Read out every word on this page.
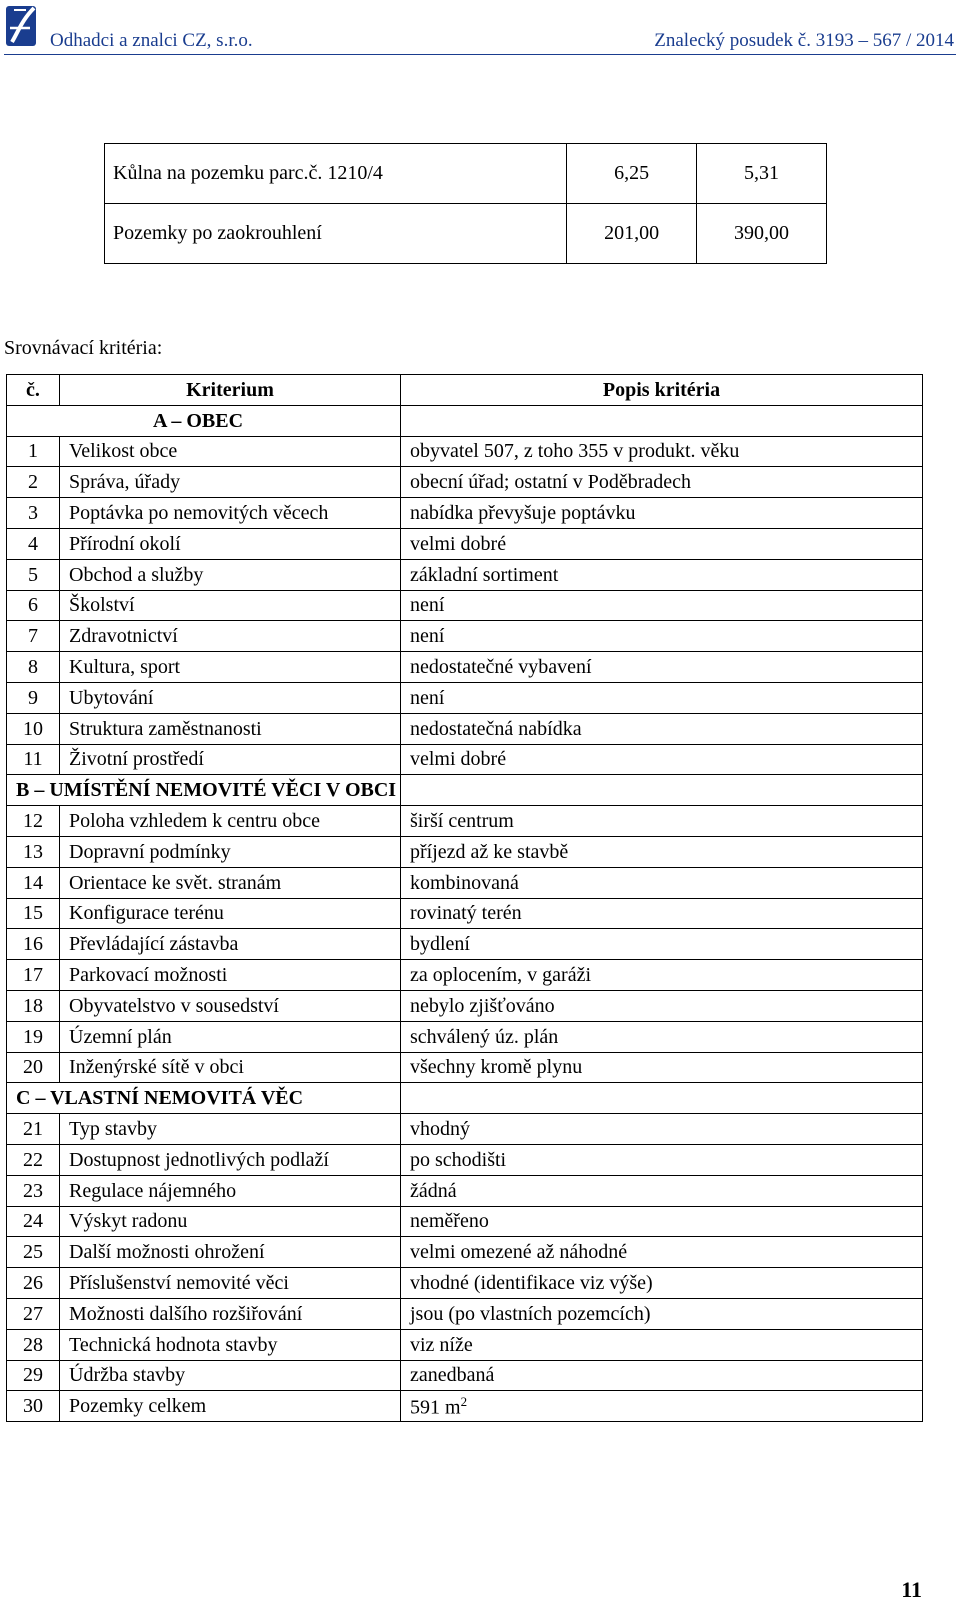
Odhadci a znalci CZ, s.r.o.	Znalecký posudek č. 3193 – 567 / 2014
Kůlna na pozemku parc.č. 1210/4	6,25	5,31
Pozemky po zaokrouhlení	201,00	390,00
Srovnávací kritéria:
č.	Kriterium	Popis kritéria
A – OBEC		
1	Velikost obce	obyvatel 507, z toho 355 v produkt. věku
2	Správa, úřady	obecní úřad; ostatní v Poděbradech
3	Poptávka po nemovitých věcech	nabídka převyšuje poptávku
4	Přírodní okolí	velmi dobré
5	Obchod a služby	základní sortiment
6	Školství	není
7	Zdravotnictví	není
8	Kultura, sport	nedostatečné vybavení
9	Ubytování	není
10	Struktura zaměstnanosti	nedostatečná nabídka
11	Životní prostředí	velmi dobré
B – UMÍSTĚNÍ NEMOVITÉ VĚCI V OBCI		
12	Poloha vzhledem k centru obce	širší centrum
13	Dopravní podmínky	příjezd až ke stavbě
14	Orientace ke svět. stranám	kombinovaná
15	Konfigurace terénu	rovinatý terén
16	Převládající zástavba	bydlení
17	Parkovací možnosti	za oplocením, v garáži
18	Obyvatelstvo v sousedství	nebylo zjišťováno
19	Územní plán	schválený úz. plán
20	Inženýrské sítě v obci	všechny kromě plynu
C – VLASTNÍ NEMOVITÁ VĚC		
21	Typ stavby	vhodný
22	Dostupnost jednotlivých podlaží	po schodišti
23	Regulace nájemného	žádná
24	Výskyt radonu	neměřeno
25	Další možnosti ohrožení	velmi omezené až náhodné
26	Příslušenství nemovité věci	vhodné (identifikace viz výše)
27	Možnosti dalšího rozšiřování	jsou (po vlastních pozemcích)
28	Technická hodnota stavby	viz níže
29	Údržba stavby	zanedbaná
30	Pozemky celkem	591 $m^2$
11
